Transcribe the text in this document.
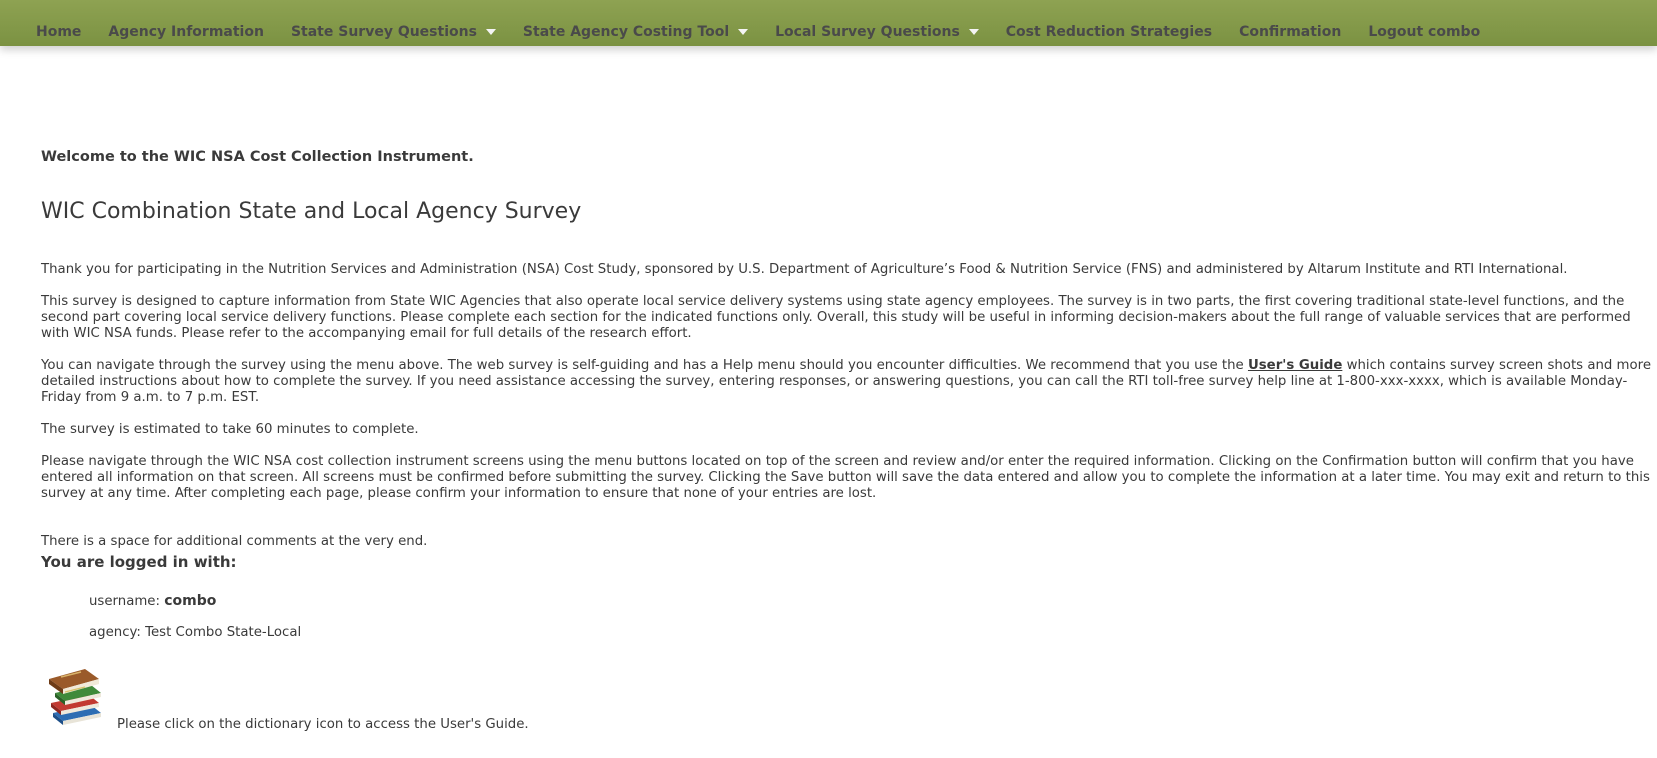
Home Agency Information State Survey Questions	State Agency Costing Tool	Local Survey Questions	Cost Reduction Strategies Confirmation Logout combo

Welcome to the WIC NSA Cost Collection Instrument.

WIC Combination State and Local Agency Survey

Thank you for participating in the Nutrition Services and Administration (NSA) Cost Study, sponsored by U.S. Department of Agriculture’s Food & Nutrition Service (FNS) and administered by Altarum Institute and RTI International.

This survey is designed to capture information from State WIC Agencies that also operate local service delivery systems using state agency employees. The survey is in two parts, the first covering traditional state-level functions, and the second part covering local service delivery functions. Please complete each section for the indicated functions only. Overall, this study will be useful in informing decision-makers about the full range of valuable services that are performed with WIC NSA funds. Please refer to the accompanying email for full details of the research effort.

You can navigate through the survey using the menu above. The web survey is self-guiding and has a Help menu should you encounter difficulties. We recommend that you use the User's Guide which contains survey screen shots and more detailed instructions about how to complete the survey. If you need assistance accessing the survey, entering responses, or answering questions, you can call the RTI toll-free survey help line at 1-800-xxx-xxxx, which is available Monday-Friday from 9 a.m. to 7 p.m. EST.

The survey is estimated to take 60 minutes to complete.

Please navigate through the WIC NSA cost collection instrument screens using the menu buttons located on top of the screen and review and/or enter the required information. Clicking on the Confirmation button will confirm that you have entered all information on that screen. All screens must be confirmed before submitting the survey. Clicking the Save button will save the data entered and allow you to complete the information at a later time. You may exit and return to this survey at any time. After completing each page, please confirm your information to ensure that none of your entries are lost.

There is a space for additional comments at the very end.

You are logged in with:

username: combo
agency: Test Combo State-Local
Please click on the dictionary icon to access the User's Guide.
